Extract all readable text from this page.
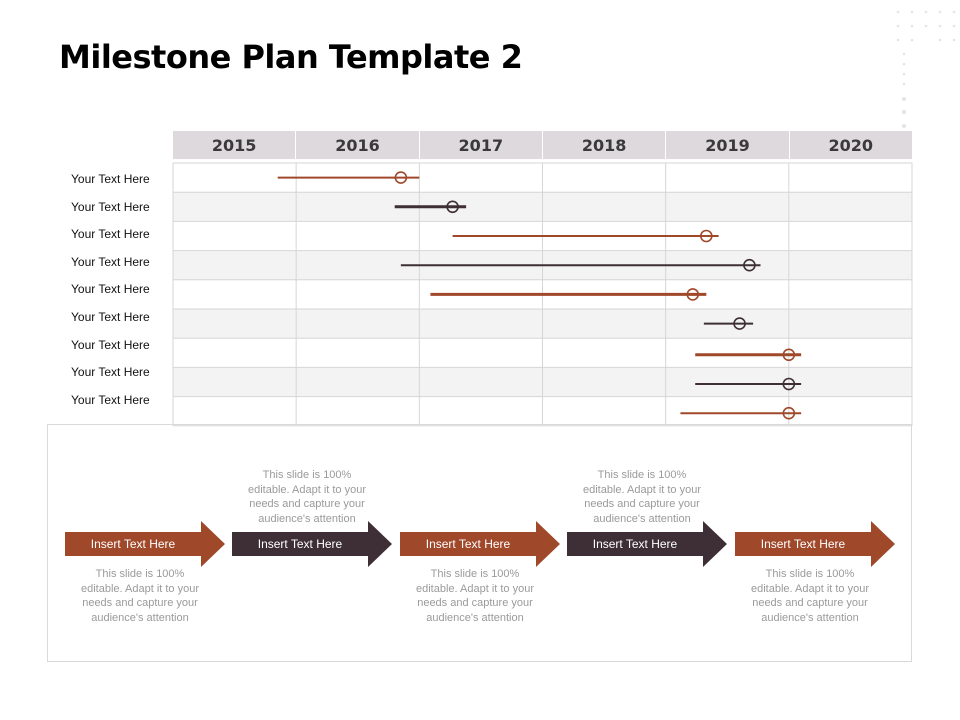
Milestone Plan Template 2
2015	2016	2017	2018	2019	2020
Your Text Here
Your Text Here
Your Text Here
Your Text Here
Your Text Here
Your Text Here
Your Text Here
Your Text Here
Your Text Here
Insert Text Here
This slide is 100%
editable. Adapt it to your
needs and capture your
audience's attention
Insert Text Here
This slide is 100%
editable. Adapt it to your
needs and capture your
audience's attention
Insert Text Here
This slide is 100%
editable. Adapt it to your
needs and capture your
audience's attention
Insert Text Here
This slide is 100%
editable. Adapt it to your
needs and capture your
audience's attention
Insert Text Here
This slide is 100%
editable. Adapt it to your
needs and capture your
audience's attention
